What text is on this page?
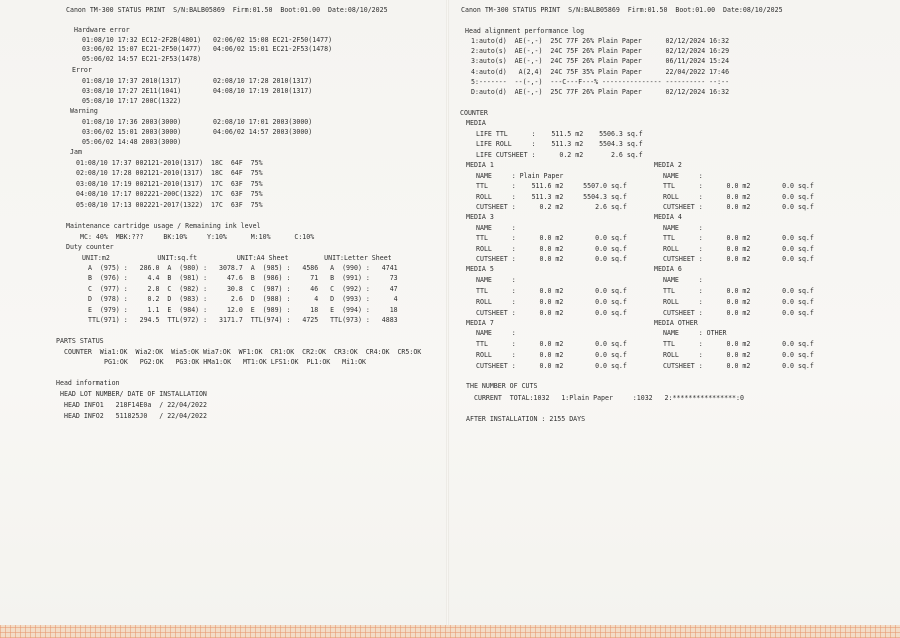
Canon TM-300 STATUS PRINT  S/N:BALB05869  Firm:01.50  Boot:01.00  Date:08/10/2025
Hardware error
01:08/10 17:32 EC12-2F2B(4801)   02:06/02 15:08 EC21-2F50(1477)
03:06/02 15:07 EC21-2F50(1477)   04:06/02 15:01 EC21-2F53(1478)
05:06/02 14:57 EC21-2F53(1478)
Error
01:08/10 17:37 2010(1317)        02:08/10 17:28 2010(1317)
03:08/10 17:27 2E11(1041)        04:08/10 17:19 2010(1317)
05:08/10 17:17 200C(1322)
Warning
01:08/10 17:36 2003(3000)        02:08/10 17:01 2003(3000)
03:06/02 15:01 2003(3000)        04:06/02 14:57 2003(3000)
05:06/02 14:48 2003(3000)
Jam
01:08/10 17:37 002121-2010(1317)  18C  64F  75%
02:08/10 17:28 002121-2010(1317)  18C  64F  75%
03:08/10 17:19 002121-2010(1317)  17C  63F  75%
04:08/10 17:17 002221-200C(1322)  17C  63F  75%
05:08/10 17:13 002221-2017(1322)  17C  63F  75%
Maintenance cartridge usage / Remaining ink level
MC: 40%  MBK:???     BK:10%     Y:10%      M:10%      C:10%
Duty counter
UNIT:m2            UNIT:sq.ft          UNIT:A4 Sheet         UNIT:Letter Sheet
A  (975) :   286.0  A  (980) :   3078.7  A  (985) :   4586   A  (990) :   4741
B  (976) :     4.4  B  (981) :     47.6  B  (986) :     71   B  (991) :     73
C  (977) :     2.8  C  (982) :     30.8  C  (987) :     46   C  (992) :     47
D  (978) :     0.2  D  (983) :      2.6  D  (988) :      4   D  (993) :      4
E  (979) :     1.1  E  (984) :     12.0  E  (989) :     18   E  (994) :     18
TTL(971) :   294.5  TTL(972) :   3171.7  TTL(974) :   4725   TTL(973) :   4883
PARTS STATUS
COUNTER  Wia1:OK  Wia2:OK  Wia5:OK Wia7:OK  WF1:OK  CR1:OK  CR2:OK  CR3:OK  CR4:OK  CR5:OK
PG1:OK   PG2:OK   PG3:OK HMa1:OK   MT1:OK LFS1:OK  PL1:OK   Mi1:OK
Head information
HEAD LOT NUMBER/ DATE OF INSTALLATION
HEAD INFO1   218F14E0a  / 22/04/2022
HEAD INFO2   511825J0   / 22/04/2022
Canon TM-300 STATUS PRINT  S/N:BALB05869  Firm:01.50  Boot:01.00  Date:08/10/2025
Head alignment performance log
1:auto(d)  AE(-,-)  25C 77F 26% Plain Paper      02/12/2024 16:32
2:auto(s)  AE(-,-)  24C 75F 26% Plain Paper      02/12/2024 16:29
3:auto(s)  AE(-,-)  24C 75F 26% Plain Paper      06/11/2024 15:24
4:auto(d)   A(2,4)  24C 75F 35% Plain Paper      22/04/2022 17:46
5:-------  --(-,-)  ---C---F---% --------------- ---------- --:--
D:auto(d)  AE(-,-)  25C 77F 26% Plain Paper      02/12/2024 16:32
COUNTER
MEDIA
LIFE TTL      :    511.5 m2    5506.3 sq.f
LIFE ROLL     :    511.3 m2    5504.3 sq.f
LIFE CUTSHEET :      0.2 m2       2.6 sq.f
MEDIA 1
NAME     : Plain Paper
TTL      :    511.6 m2     5507.0 sq.f
ROLL     :    511.3 m2     5504.3 sq.f
CUTSHEET :      0.2 m2        2.6 sq.f
MEDIA 3
NAME     :
TTL      :      0.0 m2        0.0 sq.f
ROLL     :      0.0 m2        0.0 sq.f
CUTSHEET :      0.0 m2        0.0 sq.f
MEDIA 5
NAME     :
TTL      :      0.0 m2        0.0 sq.f
ROLL     :      0.0 m2        0.0 sq.f
CUTSHEET :      0.0 m2        0.0 sq.f
MEDIA 7
NAME     :
TTL      :      0.0 m2        0.0 sq.f
ROLL     :      0.0 m2        0.0 sq.f
CUTSHEET :      0.0 m2        0.0 sq.f
MEDIA 2
NAME     :
TTL      :      0.0 m2        0.0 sq.f
ROLL     :      0.0 m2        0.0 sq.f
CUTSHEET :      0.0 m2        0.0 sq.f
MEDIA 4
NAME     :
TTL      :      0.0 m2        0.0 sq.f
ROLL     :      0.0 m2        0.0 sq.f
CUTSHEET :      0.0 m2        0.0 sq.f
MEDIA 6
NAME     :
TTL      :      0.0 m2        0.0 sq.f
ROLL     :      0.0 m2        0.0 sq.f
CUTSHEET :      0.0 m2        0.0 sq.f
MEDIA OTHER
NAME     : OTHER
TTL      :      0.0 m2        0.0 sq.f
ROLL     :      0.0 m2        0.0 sq.f
CUTSHEET :      0.0 m2        0.0 sq.f
THE NUMBER OF CUTS
CURRENT  TOTAL:1032   1:Plain Paper     :1032   2:****************:0
AFTER INSTALLATION : 2155 DAYS
